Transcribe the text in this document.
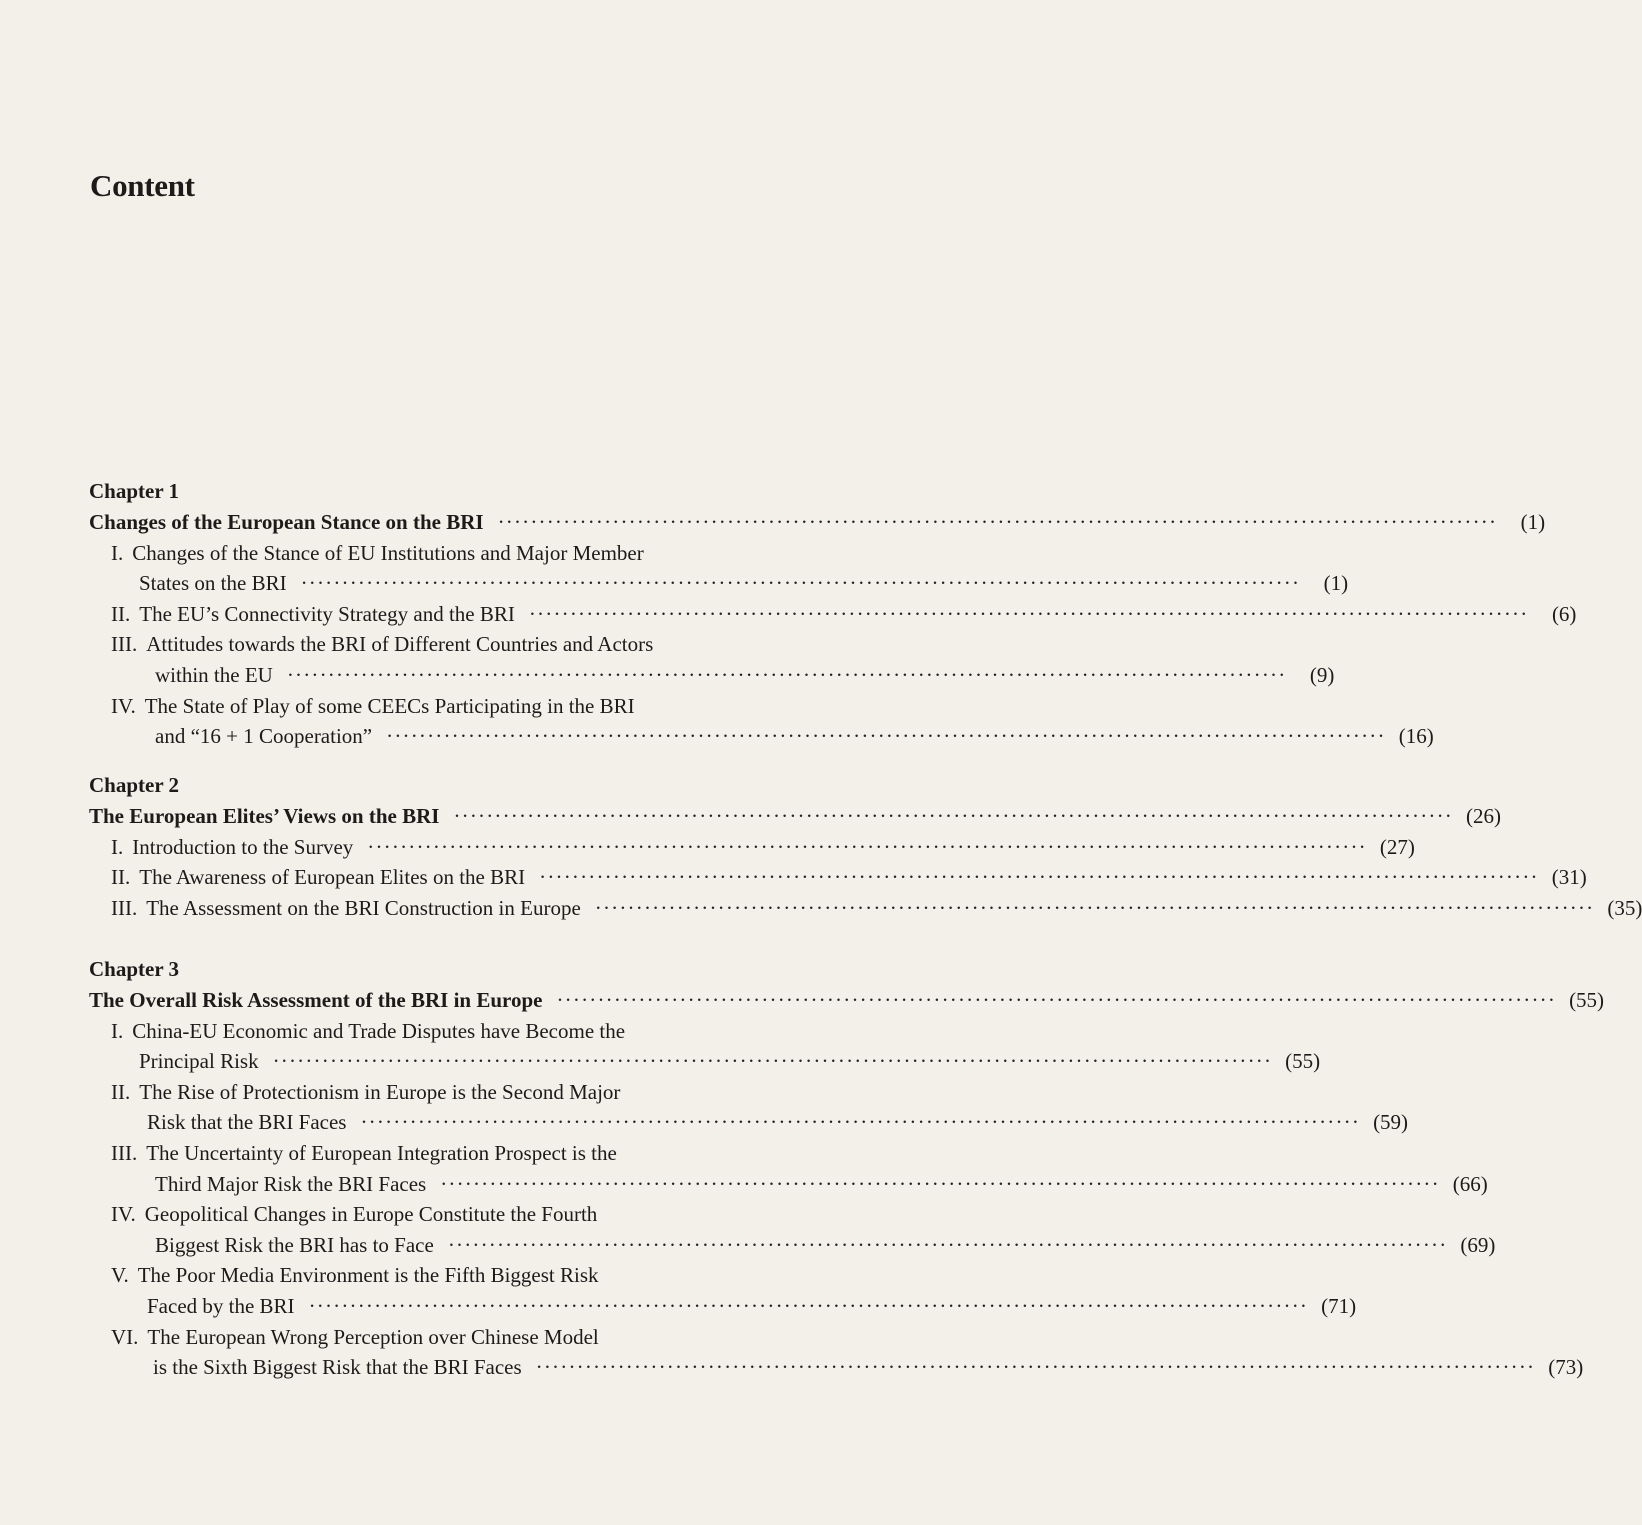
Content
Chapter 1
Changes of the European Stance on the BRI ··························································································································	(1)
I. Changes of the Stance of EU Institutions and Major Member
States on the BRI ··························································································································	(1)
II. The EU’s Connectivity Strategy and the BRI ··························································································································	(6)
III. Attitudes towards the BRI of Different Countries and Actors
within the EU ··························································································································	(9)
IV. The State of Play of some CEECs Participating in the BRI
and “16 + 1 Cooperation” ·························································································································· (16)
Chapter 2
The European Elites’ Views on the BRI ·························································································································· (26)
I. Introduction to the Survey ·························································································································· (27)
II. The Awareness of European Elites on the BRI ·························································································································· (31)
III. The Assessment on the BRI Construction in Europe ·························································································································· (35)
Chapter 3
The Overall Risk Assessment of the BRI in Europe ·························································································································· (55)
I. China-EU Economic and Trade Disputes have Become the
Principal Risk ·························································································································· (55)
II. The Rise of Protectionism in Europe is the Second Major
Risk that the BRI Faces ·························································································································· (59)
III. The Uncertainty of European Integration Prospect is the
Third Major Risk the BRI Faces ·························································································································· (66)
IV. Geopolitical Changes in Europe Constitute the Fourth
Biggest Risk the BRI has to Face ·························································································································· (69)
V. The Poor Media Environment is the Fifth Biggest Risk
Faced by the BRI ·························································································································· (71)
VI. The European Wrong Perception over Chinese Model
is the Sixth Biggest Risk that the BRI Faces ·························································································································· (73)
